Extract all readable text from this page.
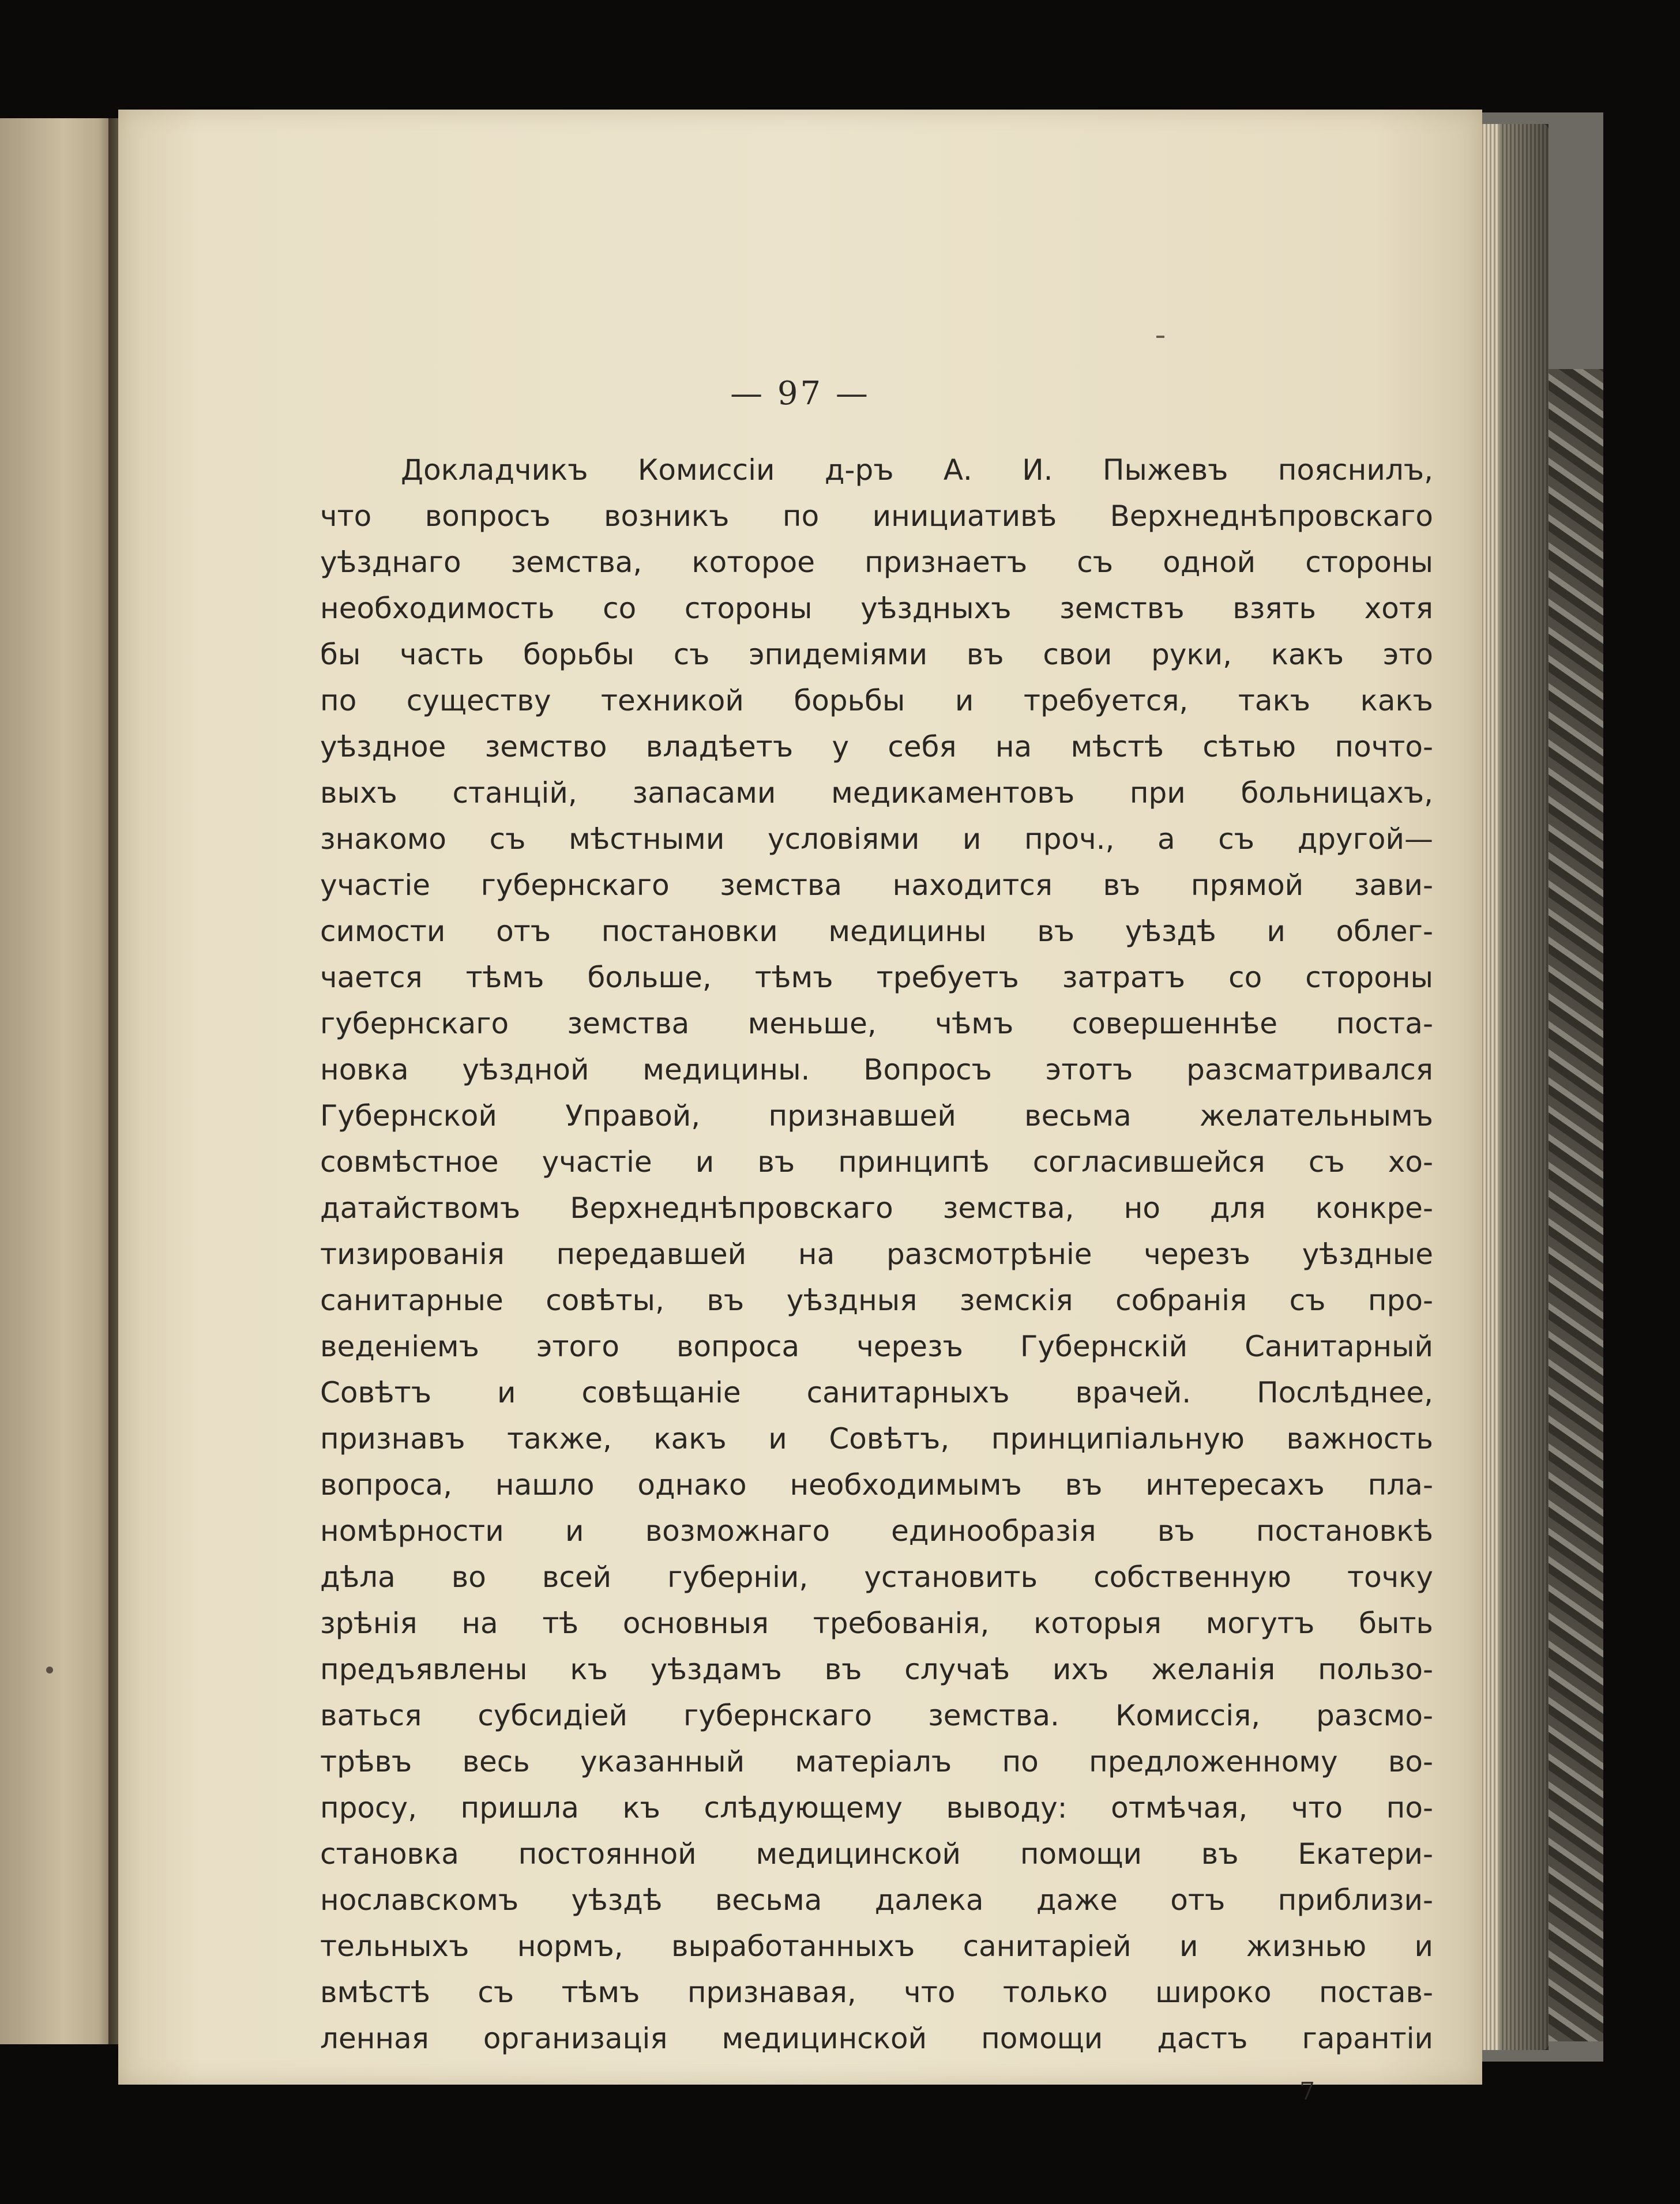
— 97 —
Докладчикъ Комиссiи д-ръ А. И. Пыжевъ пояснилъ,
что вопросъ возникъ по инициативѣ Верхнеднѣпровскаго
уѣзднаго земства, которое признаетъ съ одной стороны
необходимость со стороны уѣздныхъ земствъ взять хотя
бы часть борьбы съ эпидемiями въ свои руки, какъ это
по существу техникой борьбы и требуется, такъ какъ
уѣздное земство владѣетъ у себя на мѣстѣ сѣтью почто-
выхъ станцiй, запасами медикаментовъ при больницахъ,
знакомо съ мѣстными условiями и проч., а съ другой—
участiе губернскаго земства находится въ прямой зави-
симости отъ постановки медицины въ уѣздѣ и облег-
чается тѣмъ больше, тѣмъ требуетъ затратъ со стороны
губернскаго земства меньше, чѣмъ совершеннѣе поста-
новка уѣздной медицины. Вопросъ этотъ разсматривался
Губернской Управой, признавшей весьма желательнымъ
совмѣстное участiе и въ принципѣ согласившейся съ хо-
датайствомъ Верхнеднѣпровскаго земства, но для конкре-
тизированiя передавшей на разсмотрѣнiе черезъ уѣздные
санитарные совѣты, въ уѣздныя земскiя собранiя съ про-
веденiемъ этого вопроса черезъ Губернскiй Санитарный
Совѣтъ и совѣщанiе санитарныхъ врачей. Послѣднее,
признавъ также, какъ и Совѣтъ, принципiальную важность
вопроса, нашло однако необходимымъ въ интересахъ пла-
номѣрности и возможнаго единообразiя въ постановкѣ
дѣла во всей губернiи, установить собственную точку
зрѣнiя на тѣ основныя требованiя, которыя могутъ быть
предъявлены къ уѣздамъ въ случаѣ ихъ желанiя пользо-
ваться субсидiей губернскаго земства. Комиссiя, разсмо-
трѣвъ весь указанный матерiалъ по предложенному во-
просу, пришла къ слѣдующему выводу: отмѣчая, что по-
становка постоянной медицинской помощи въ Екатери-
нославскомъ уѣздѣ весьма далека даже отъ приблизи-
тельныхъ нормъ, выработанныхъ санитарiей и жизнью и
вмѣстѣ съ тѣмъ признавая, что только широко постав-
ленная организацiя медицинской помощи дастъ гарантiи
7
